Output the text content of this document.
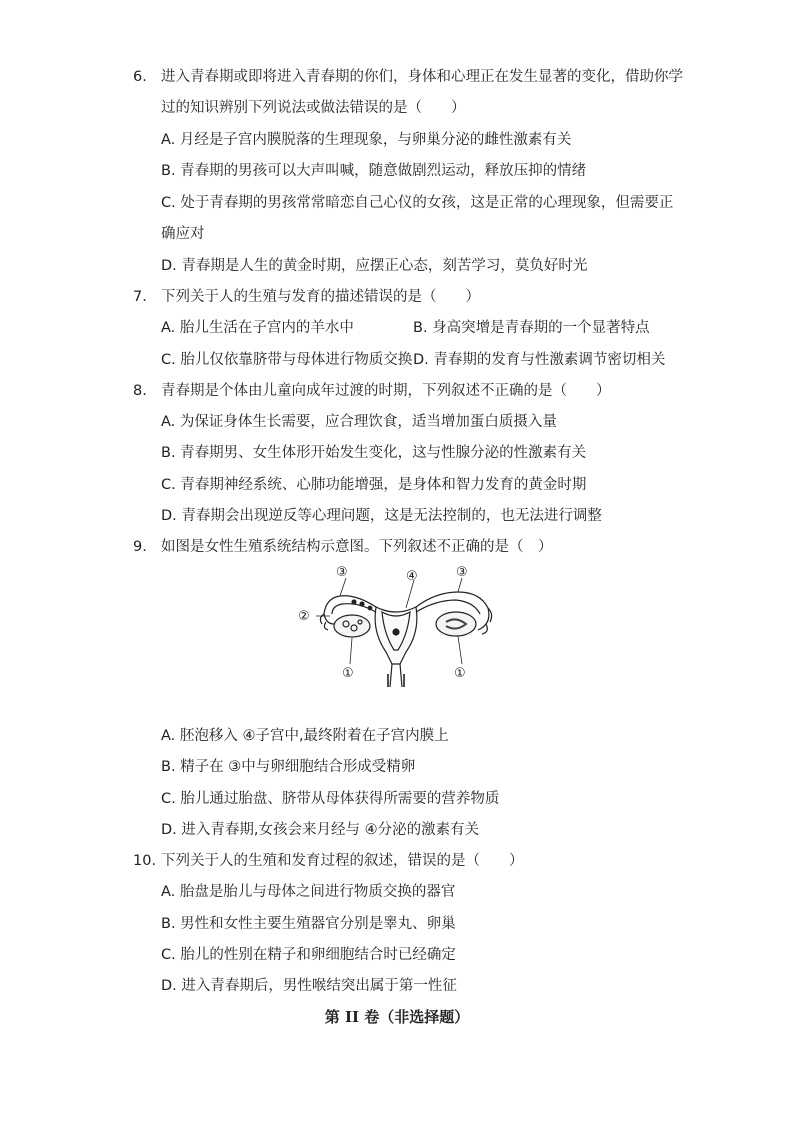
6. 进入青春期或即将进入青春期的你们，身体和心理正在发生显著的变化，借助你学
过的知识辨别下列说法或做法错误的是（　　）
A. 月经是子宫内膜脱落的生理现象，与卵巢分泌的雌性激素有关
B. 青春期的男孩可以大声叫喊，随意做剧烈运动，释放压抑的情绪
C. 处于青春期的男孩常常暗恋自己心仪的女孩，这是正常的心理现象，但需要正
确应对
D. 青春期是人生的黄金时期，应摆正心态，刻苦学习，莫负好时光
7. 下列关于人的生殖与发育的描述错误的是（　　）
A. 胎儿生活在子宫内的羊水中	B. 身高突增是青春期的一个显著特点
C. 胎儿仅依靠脐带与母体进行物质交换 D. 青春期的发育与性激素调节密切相关
8. 青春期是个体由儿童向成年过渡的时期，下列叙述不正确的是（　　）
A. 为保证身体生长需要，应合理饮食，适当增加蛋白质摄入量
B. 青春期男、女生体形开始发生变化，这与性腺分泌的性激素有关
C. 青春期神经系统、心肺功能增强，是身体和智力发育的黄金时期
D. 青春期会出现逆反等心理问题，这是无法控制的，也无法进行调整
9. 如图是女性生殖系统结构示意图。下列叙述不正确的是（　）
③	④	③
②
①	①
A. 胚泡移入 ④子宫中,最终附着在子宫内膜上
B. 精子在 ③中与卵细胞结合形成受精卵
C. 胎儿通过胎盘、脐带从母体获得所需要的营养物质
D. 进入青春期,女孩会来月经与 ④分泌的激素有关
10. 下列关于人的生殖和发育过程的叙述，错误的是（　　）
A. 胎盘是胎儿与母体之间进行物质交换的器官
B. 男性和女性主要生殖器官分别是睾丸、卵巢
C. 胎儿的性别在精子和卵细胞结合时已经确定
D. 进入青春期后，男性喉结突出属于第一性征
第 II 卷（非选择题）
